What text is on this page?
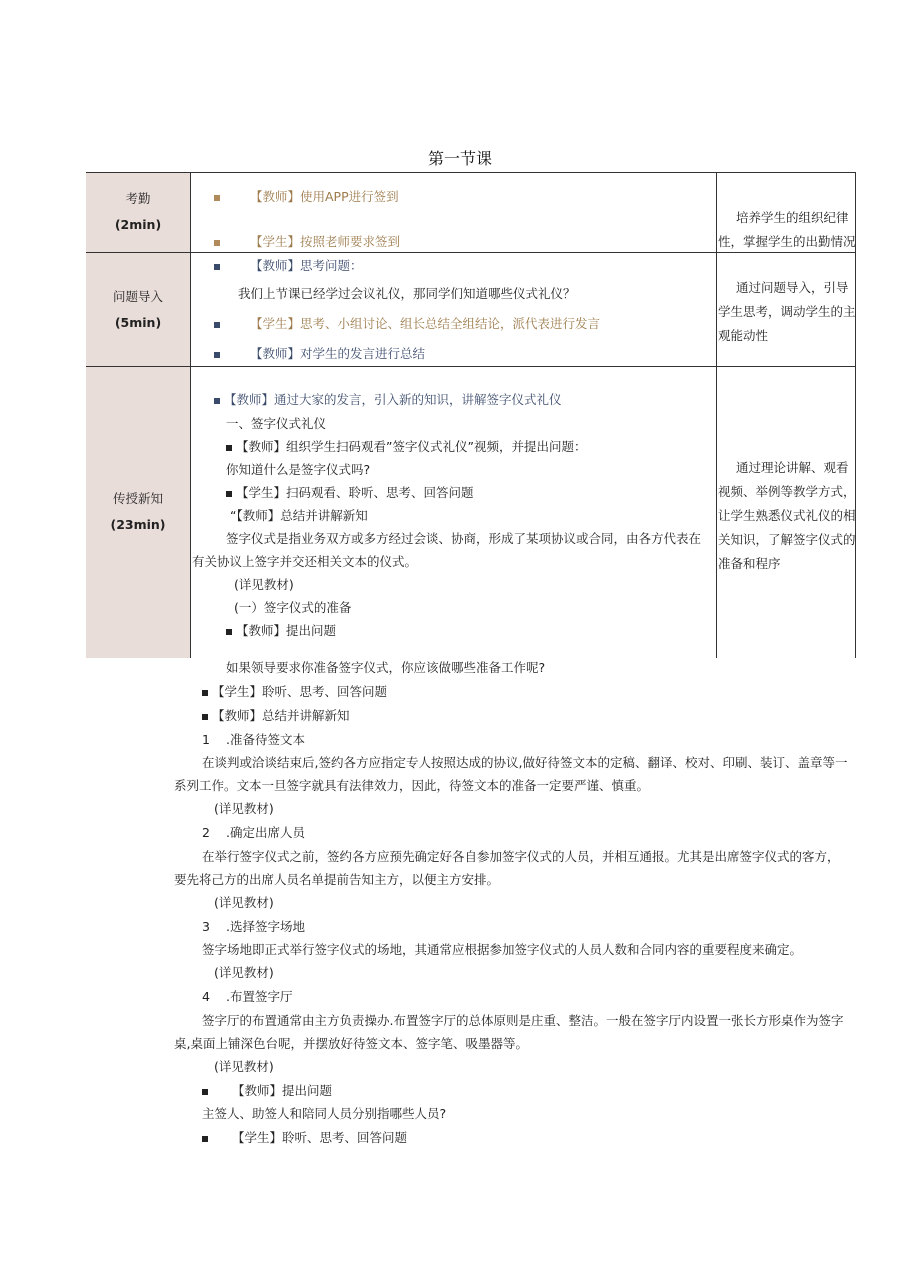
第一节课
考勤
(2min)
【教师】使用APP进行签到
【学生】按照老师要求签到
培养学生的组织纪律性，掌握学生的出勤情况
问题导入
(5min)
【教师】思考问题：
我们上节课已经学过会议礼仪，那同学们知道哪些仪式礼仪？
【学生】思考、小组讨论、组长总结全组结论，派代表进行发言
【教师】对学生的发言进行总结
通过问题导入，引导学生思考，调动学生的主观能动性
传授新知
(23min)
【教师】通过大家的发言，引入新的知识，讲解签字仪式礼仪
一、签字仪式礼仪
【教师】组织学生扫码观看”签字仪式礼仪”视频，并提出问题：
你知道什么是签字仪式吗?
【学生】扫码观看、聆听、思考、回答问题
“【教师】总结并讲解新知
签字仪式是指业务双方或多方经过会谈、协商，形成了某项协议或合同，由各方代表在
有关协议上签字并交还相关文本的仪式。
(详见教材)
(一）签字仪式的准备
【教师】提出问题
通过理论讲解、观看视频、举例等教学方式，让学生熟悉仪式礼仪的相关知识，了解签字仪式的准备和程序
如果领导要求你准备签字仪式，你应该做哪些准备工作呢?
【学生】聆听、思考、回答问题
【教师】总结并讲解新知
1 .准备待签文本
在谈判或洽谈结束后,签约各方应指定专人按照达成的协议,做好待签文本的定稿、翻译、校对、印刷、装订、盖章等一
系列工作。文本一旦签字就具有法律效力，因此，待签文本的准备一定要严谨、慎重。
(详见教材)
2 .确定出席人员
在举行签字仪式之前，签约各方应预先确定好各自参加签字仪式的人员，并相互通报。尤其是出席签字仪式的客方，
要先将己方的出席人员名单提前告知主方，以便主方安排。
(详见教材)
3 .选择签字场地
签字场地即正式举行签字仪式的场地，其通常应根据参加签字仪式的人员人数和合同内容的重要程度来确定。
(详见教材)
4 .布置签字厅
签字厅的布置通常由主方负责操办.布置签字厅的总体原则是庄重、整洁。一般在签字厅内设置一张长方形桌作为签字
桌,桌面上铺深色台呢，并摆放好待签文本、签字笔、吸墨器等。
(详见教材)
【教师】提出问题
主签人、助签人和陪同人员分别指哪些人员?
【学生】聆听、思考、回答问题
